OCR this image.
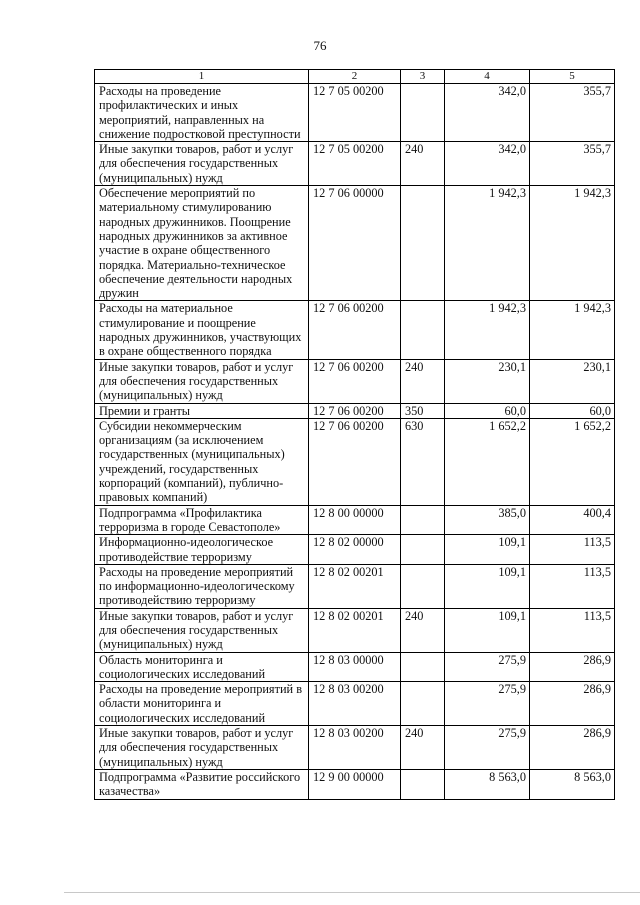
76
1	2	3	4	5
Расходы на проведение профилактических и иных мероприятий, направленных на снижение подростковой преступности	12 7 05 00200		342,0	355,7
Иные закупки товаров, работ и услуг для обеспечения государственных (муниципальных) нужд	12 7 05 00200	240	342,0	355,7
Обеспечение мероприятий по материальному стимулированию народных дружинников. Поощрение народных дружинников за активное участие в охране общественного порядка. Материально-техническое обеспечение деятельности народных дружин	12 7 06 00000		1 942,3	1 942,3
Расходы на материальное стимулирование и поощрение народных дружинников, участвующих в охране общественного порядка	12 7 06 00200		1 942,3	1 942,3
Иные закупки товаров, работ и услуг для обеспечения государственных (муниципальных) нужд	12 7 06 00200	240	230,1	230,1
Премии и гранты	12 7 06 00200	350	60,0	60,0
Субсидии некоммерческим организациям (за исключением государственных (муниципальных) учреждений, государственных корпораций (компаний), публично-правовых компаний)	12 7 06 00200	630	1 652,2	1 652,2
Подпрограмма «Профилактика терроризма в городе Севастополе»	12 8 00 00000		385,0	400,4
Информационно-идеологическое противодействие терроризму	12 8 02 00000		109,1	113,5
Расходы на проведение мероприятий по информационно-идеологическому противодействию терроризму	12 8 02 00201		109,1	113,5
Иные закупки товаров, работ и услуг для обеспечения государственных (муниципальных) нужд	12 8 02 00201	240	109,1	113,5
Область мониторинга и социологических исследований	12 8 03 00000		275,9	286,9
Расходы на проведение мероприятий в области мониторинга и социологических исследований	12 8 03 00200		275,9	286,9
Иные закупки товаров, работ и услуг для обеспечения государственных (муниципальных) нужд	12 8 03 00200	240	275,9	286,9
Подпрограмма «Развитие российского казачества»	12 9 00 00000		8 563,0	8 563,0
